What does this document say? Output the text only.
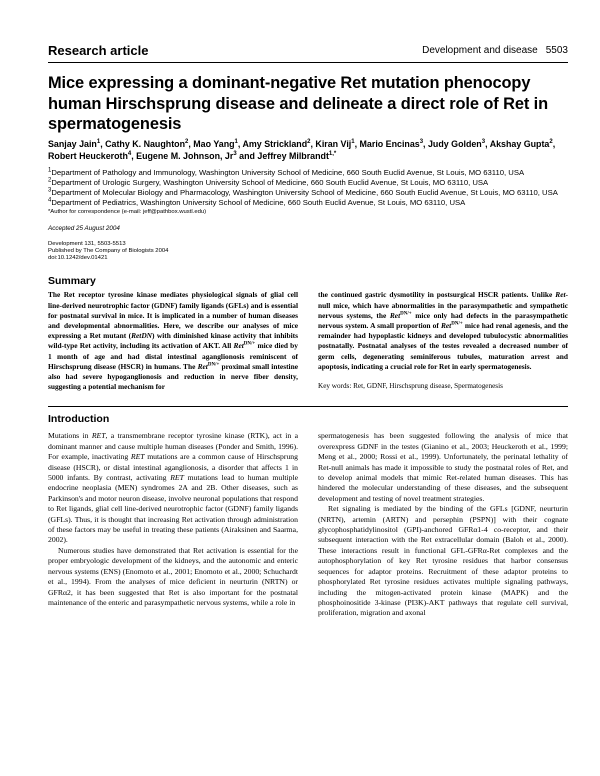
Research article	Development and disease 5503
Mice expressing a dominant-negative Ret mutation phenocopy human Hirschsprung disease and delineate a direct role of Ret in spermatogenesis
Sanjay Jain$^1$, Cathy K. Naughton$^2$, Mao Yang$^1$, Amy Strickland$^2$, Kiran Vij$^1$, Mario Encinas$^3$, Judy Golden$^3$, Akshay Gupta$^2$, Robert Heuckeroth$^4$, Eugene M. Johnson, Jr$^3$ and Jeffrey Milbrandt$^{1,*}$

$^1$Department of Pathology and Immunology, Washington University School of Medicine, 660 South Euclid Avenue, St Louis, MO 63110, USA

$^2$Department of Urologic Surgery, Washington University School of Medicine, 660 South Euclid Avenue, St Louis, MO 63110, USA

$^3$Department of Molecular Biology and Pharmacology, Washington University School of Medicine, 660 South Euclid Avenue, St Louis, MO 63110, USA

$^4$Department of Pediatrics, Washington University School of Medicine, 660 South Euclid Avenue, St Louis, MO 63110, USA

*Author for correspondence (e-mail: jeff@pathbox.wustl.edu)
Accepted 25 August 2004
Development 131, 5503-5513
Published by The Company of Biologists 2004
doi:10.1242/dev.01421
Summary

The Ret receptor tyrosine kinase mediates physiological signals of glial cell line-derived neurotrophic factor (GDNF) family ligands (GFLs) and is essential for postnatal survival in mice. It is implicated in a number of human diseases and developmental abnormalities. Here, we describe our analyses of mice expressing a Ret mutant (RetDN) with diminished kinase activity that inhibits wild-type Ret activity, including its activation of AKT. All Ret$^{DN/+}$ mice died by 1 month of age and had distal intestinal aganglionosis reminiscent of Hirschsprung disease (HSCR) in humans. The Ret$^{DN/+}$ proximal small intestine also had severe hypoganglionosis and reduction in nerve fiber density, suggesting a potential mechanism for

the continued gastric dysmotility in postsurgical HSCR patients. Unlike Ret-null mice, which have abnormalities in the parasympathetic and sympathetic nervous systems, the Ret$^{DN/+}$ mice only had defects in the parasympathetic nervous system. A small proportion of Ret$^{DN/+}$ mice had renal agenesis, and the remainder had hypoplastic kidneys and developed tubulocystic abnormalities postnatally. Postnatal analyses of the testes revealed a decreased number of germ cells, degenerating seminiferous tubules, maturation arrest and apoptosis, indicating a crucial role for Ret in early spermatogenesis.

Key words: Ret, GDNF, Hirschsprung disease, Spermatogenesis
Introduction

Mutations in RET, a transmembrane receptor tyrosine kinase (RTK), act in a dominant manner and cause multiple human diseases (Ponder and Smith, 1996). For example, inactivating RET mutations are a common cause of Hirschsprung disease (HSCR), or distal intestinal aganglionosis, a disorder that affects 1 in 5000 infants. By contrast, activating RET mutations lead to human multiple endocrine neoplasia (MEN) syndromes 2A and 2B. Other diseases, such as Parkinson's and motor neuron disease, involve neuronal populations that respond to Ret ligands, glial cell line-derived neurotrophic factor (GDNF) family ligands (GFLs). Thus, it is thought that increasing Ret activation through administration of these factors may be useful in treating these patients (Airaksinen and Saarma, 2002).

Numerous studies have demonstrated that Ret activation is essential for the proper embryologic development of the kidneys, and the autonomic and enteric nervous systems (ENS) (Enomoto et al., 2001; Enomoto et al., 2000; Schuchardt et al., 1994). From the analyses of mice deficient in neurturin (NRTN) or GFRα2, it has been suggested that Ret is also important for the postnatal maintenance of the enteric and parasympathetic nervous systems, while a role in

spermatogenesis has been suggested following the analysis of mice that overexpress GDNF in the testes (Gianino et al., 2003; Heuckeroth et al., 1999; Meng et al., 2000; Rossi et al., 1999). Unfortunately, the perinatal lethality of Ret-null animals has made it impossible to study the postnatal roles of Ret, and to develop animal models that mimic Ret-related human diseases. This has hindered the molecular understanding of these diseases, and the subsequent development and testing of novel treatment strategies.

Ret signaling is mediated by the binding of the GFLs [GDNF, neurturin (NRTN), artemin (ARTN) and persephin (PSPN)] with their cognate glycophosphatidylinositol (GPI)-anchored GFRα1-4 co-receptor, and their subsequent interaction with the Ret extracellular domain (Baloh et al., 2000). These interactions result in functional GFL-GFRα-Ret complexes and the autophosphorylation of key Ret tyrosine residues that harbor consensus sequences for adaptor proteins. Recruitment of these adaptor proteins to phosphorylated Ret tyrosine residues activates multiple signaling pathways, including the mitogen-activated protein kinase (MAPK) and the phosphoinositide 3-kinase (PI3K)-AKT pathways that regulate cell survival, proliferation, migration and axonal
